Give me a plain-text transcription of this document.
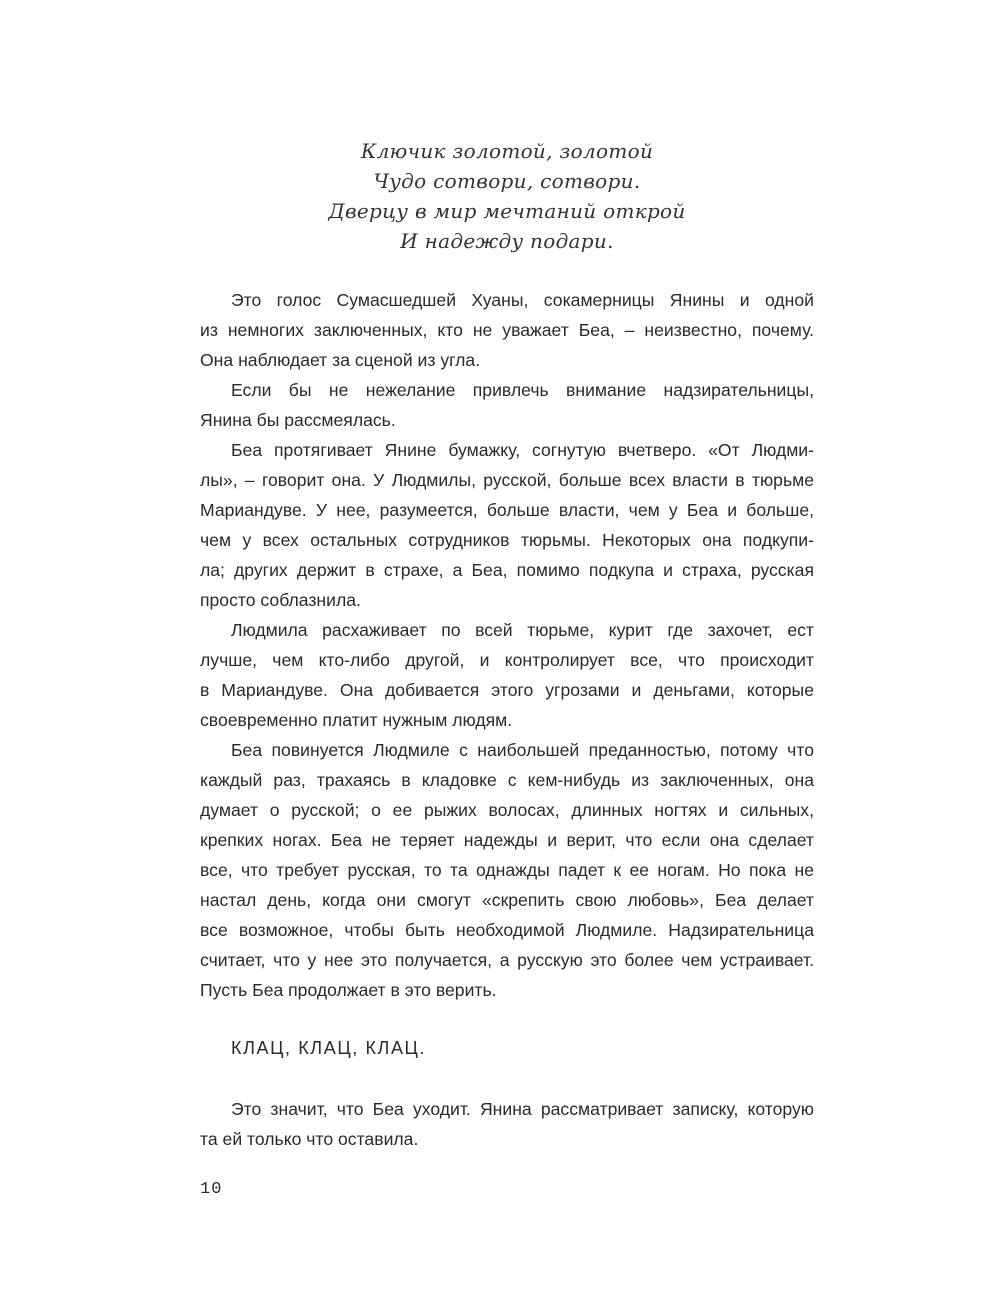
Ключик золотой, золотой
Чудо сотвори, сотвори.
Дверцу в мир мечтаний открой
И надежду подари.
Это голос Сумасшедшей Хуаны, сокамерницы Янины и одной
из немногих заключенных, кто не уважает Беа, – неизвестно, почему.
Она наблюдает за сценой из угла.
Если бы не нежелание привлечь внимание надзирательницы,
Янина бы рассмеялась.
Беа протягивает Янине бумажку, согнутую вчетверо. «От Людми-
лы», – говорит она. У Людмилы, русской, больше всех власти в тюрьме
Мариандуве. У нее, разумеется, больше власти, чем у Беа и больше,
чем у всех остальных сотрудников тюрьмы. Некоторых она подкупи-
ла; других держит в страхе, а Беа, помимо подкупа и страха, русская
просто соблазнила.
Людмила расхаживает по всей тюрьме, курит где захочет, ест
лучше, чем кто-либо другой, и контролирует все, что происходит
в Мариандуве. Она добивается этого угрозами и деньгами, которые
своевременно платит нужным людям.
Беа повинуется Людмиле с наибольшей преданностью, потому что
каждый раз, трахаясь в кладовке с кем-нибудь из заключенных, она
думает о русской; о ее рыжих волосах, длинных ногтях и сильных,
крепких ногах. Беа не теряет надежды и верит, что если она сделает
все, что требует русская, то та однажды падет к ее ногам. Но пока не
настал день, когда они смогут «скрепить свою любовь», Беа делает
все возможное, чтобы быть необходимой Людмиле. Надзирательница
считает, что у нее это получается, а русскую это более чем устраивает.
Пусть Беа продолжает в это верить.
КЛАЦ, КЛАЦ, КЛАЦ.
Это значит, что Беа уходит. Янина рассматривает записку, которую
та ей только что оставила.
10
